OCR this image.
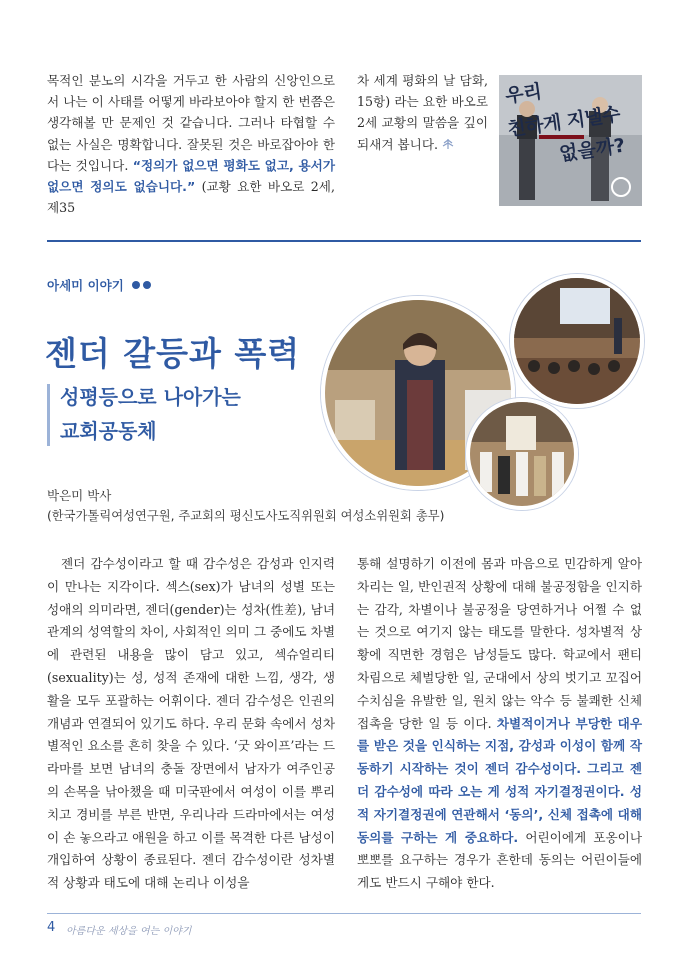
목적인 분노의 시각을 거두고 한 사람의 신앙인으로서 나는 이 사태를 어떻게 바라보아야 할지 한 번쯤은 생각해볼 만 문제인 것 같습니다. 그러나 타협할 수 없는 사실은 명확합니다. 잘못된 것은 바로잡아야 한다는 것입니다. “정의가 없으면 평화도 없고, 용서가 없으면 정의도 없습니다.” (교황 요한 바오로 2세, 제35
차 세계 평화의 날 담화, 15항) 라는 요한 바오로 2세 교황의 말씀을 깊이 되새겨 봅니다.
우리
친하게 지낼수
없을까?
아세미 이야기
젠더 갈등과 폭력
성평등으로 나아가는
교회공동체
박은미 박사
(한국가톨릭여성연구원, 주교회의 평신도사도직위원회 여성소위원회 총무)
젠더 감수성이라고 할 때 감수성은 감성과 인지력이 만나는 지각이다. 섹스(sex)가 남녀의 성별 또는 성애의 의미라면, 젠더(gender)는 성차(性差), 남녀관계의 성역할의 차이, 사회적인 의미 그 중에도 차별에 관련된 내용을 많이 담고 있고, 섹슈얼리티(sexuality)는 성, 성적 존재에 대한 느낌, 생각, 생활을 모두 포괄하는 어휘이다. 젠더 감수성은 인권의 개념과 연결되어 있기도 하다. 우리 문화 속에서 성차별적인 요소를 흔히 찾을 수 있다. ‘굿 와이프’라는 드라마를 보면 남녀의 충돌 장면에서 남자가 여주인공의 손목을 낚아챘을 때 미국판에서 여성이 이를 뿌리치고 경비를 부른 반면, 우리나라 드라마에서는 여성이 손 놓으라고 애원을 하고 이를 목격한 다른 남성이 개입하여 상황이 종료된다. 젠더 감수성이란 성차별적 상황과 태도에 대해 논리나 이성을
통해 설명하기 이전에 몸과 마음으로 민감하게 알아차리는 일, 반인권적 상황에 대해 불공정함을 인지하는 감각, 차별이나 불공정을 당연하거나 어쩔 수 없는 것으로 여기지 않는 태도를 말한다. 성차별적 상황에 직면한 경험은 남성들도 많다. 학교에서 팬티 차림으로 체벌당한 일, 군대에서 상의 벗기고 꼬집어 수치심을 유발한 일, 원치 않는 악수 등 불쾌한 신체 접촉을 당한 일 등 이다. 차별적이거나 부당한 대우를 받은 것을 인식하는 지점, 감성과 이성이 함께 작동하기 시작하는 것이 젠더 감수성이다. 그리고 젠더 감수성에 따라 오는 게 성적 자기결정권이다. 성적 자기결정권에 연관해서 ‘동의’, 신체 접촉에 대해 동의를 구하는 게 중요하다. 어린이에게 포옹이나 뽀뽀를 요구하는 경우가 흔한데 동의는 어린이들에게도 반드시 구해야 한다.
4 아름다운 세상을 여는 이야기
